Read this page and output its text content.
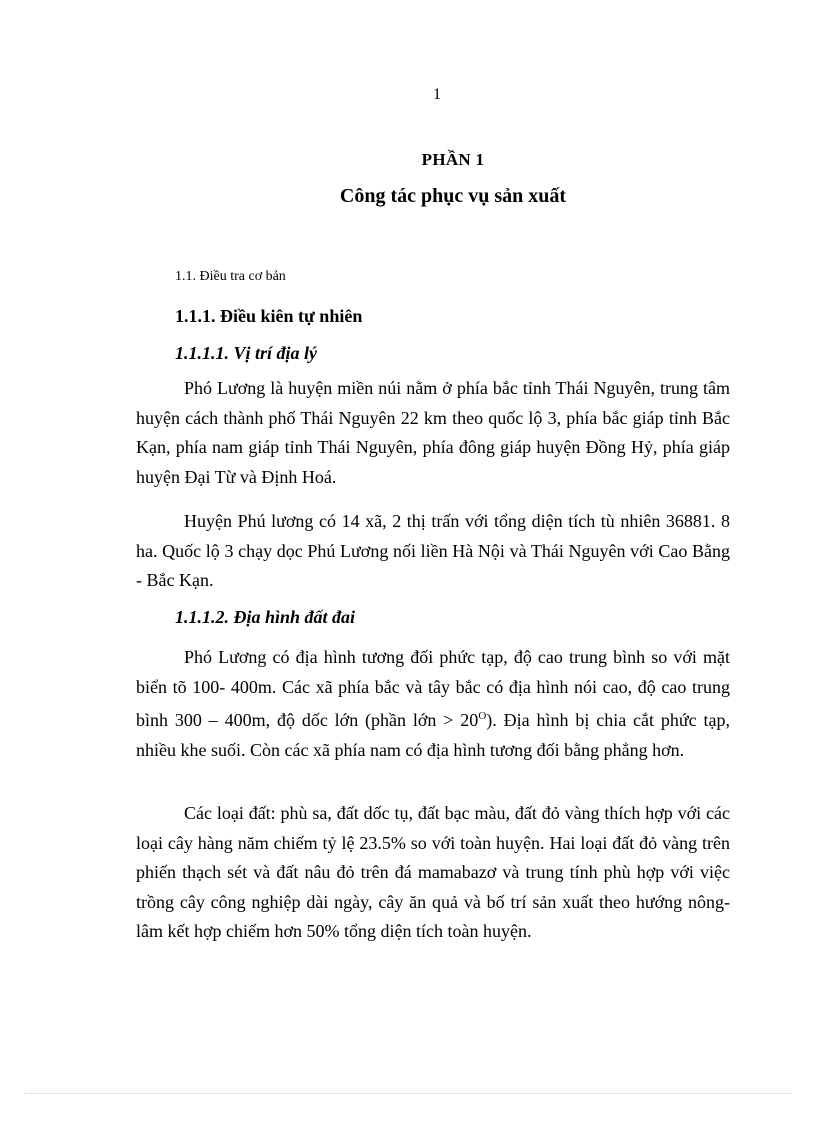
1
PHẦN 1
Công tác phục vụ sản xuất
1.1. Điều tra cơ bản
1.1.1. Điều kiên tự nhiên
1.1.1.1. Vị trí địa lý

Phó Lương là huyện miền núi nằm ở phía bắc tỉnh Thái Nguyên, trung tâm huyện cách thành phố Thái Nguyên 22 km theo quốc lộ 3, phía bắc giáp tỉnh Bắc Kạn, phía nam giáp tỉnh Thái Nguyên, phía đông giáp huyện Đồng Hỷ, phía giáp huyện Đại Từ và Định Hoá.

Huyện Phú lương có 14 xã, 2 thị trấn với tổng diện tích tù nhiên 36881. 8 ha. Quốc lộ 3 chạy dọc Phú Lương nối liền Hà Nội và Thái Nguyên với Cao Bằng - Bắc Kạn.

1.1.1.2. Địa hình đất đai

Phó Lương có địa hình tương đối phức tạp, độ cao trung bình so với mặt biển tõ 100- 400m. Các xã phía bắc và tây bắc có địa hình nói cao, độ cao trung bình 300 – 400m, độ dốc lớn (phần lớn > $20^O$). Địa hình bị chia cắt phức tạp, nhiều khe suối. Còn các xã phía nam có địa hình tương đối bằng phẳng hơn.

Các loại đất: phù sa, đất dốc tụ, đất bạc màu, đất đỏ vàng thích hợp với các loại cây hàng năm chiếm tỷ lệ 23.5% so với toàn huyện. Hai loại đất đỏ vàng trên phiến thạch sét và đất nâu đỏ trên đá mamabazơ và trung tính phù hợp với việc trồng cây công nghiệp dài ngày, cây ăn quả và bố trí sản xuất theo hướng nông- lâm kết hợp chiếm hơn 50% tổng diện tích toàn huyện.
